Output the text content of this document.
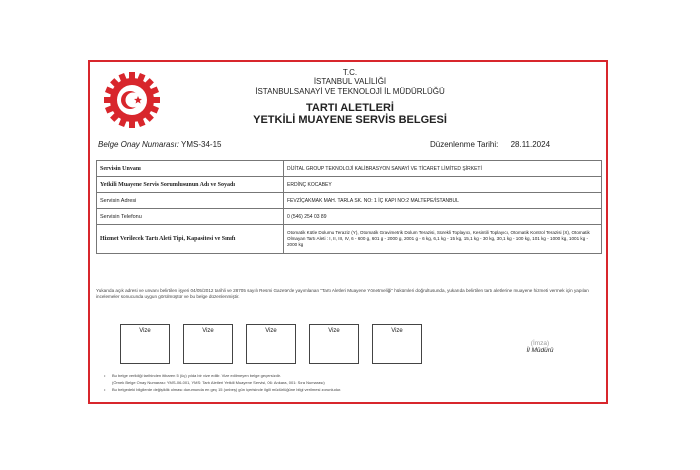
T.C.
İSTANBUL VALİLİĞİ
İSTANBULSANAYİ VE TEKNOLOJİ İL MÜDÜRLÜĞÜ
TARTI ALETLERİ
YETKİLİ MUAYENE SERVİS BELGESİ
Belge Onay Numarası: YMS-34-15	Düzenlenme Tarihi: 28.11.2024
Servisin Unvanı	DİJİTAL GROUP TEKNOLOJİ KALİBRASYON SANAYİ VE TİCARET LİMİTED ŞİRKETİ
Yetkili Muayene Servis Sorumlusunun Adı ve Soyadı	ERDİNÇ KOCABEY
Servisin Adresi	FEVZİÇAKMAK MAH. TARLA SK. NO: 1 İÇ KAPI NO:2 MALTEPE/İSTANBUL
Servisin Telefonu	0 (546) 254 03 89
Hizmet Verilecek Tartı Aleti Tipi, Kapasitesi ve Sınıfı	Otomatik Kütle Dolumu Teraziz (Y), Otomatik Gravimetrik Dolum Terazisi, Sürekli Toplayıcı, Kesintili Toplayıcı, Otomatik Kontrol Terazisi (X), Otomatik Olmayan Tartı Aleti : I, II, III, IV, 6 - 600 g, 601 g - 2000 g, 2001 g - 6 kg, 6,1 kg - 15 kg, 15,1 kg - 30 kg, 30,1 kg - 100 kg, 101 kg - 1000 kg, 1001 kg - 2000 kg
Yukarıda açık adresi ve unvanı belirtilen işyeri 04/05/2012 tarihli ve 28705 sayılı Resmi Gazete'de yayımlanan "Tartı Aletleri Muayene Yönetmeliği" hükümleri doğrultusunda, yukarıda belirtilen tartı aletlerine muayene hizmeti vermek için yapılan incelemeler sonucunda uygun görülmüştür ve bu belge düzenlenmiştir.
Vize	Vize	Vize	Vize	Vize
(İmza)
İl Müdürü
• Bu belge verildiği tarihinden itibaren 5 (üç) yılda bir vize edilir. Vize edilmeyen belge geçersizdir.
(Örnek Belge Onay Numarası: YMS-06-001, YMS: Tartı Aletleri Yetkili Muayene Servisi, 06: Ankara, 001: Sıra Numarası)
• Bu belgedeki bilgilerde değişiklik olması durumunda en geç 15 (onbeş) gün içerisinde ilgili müdürlüğüne bilgi verilmesi zorunludur.
